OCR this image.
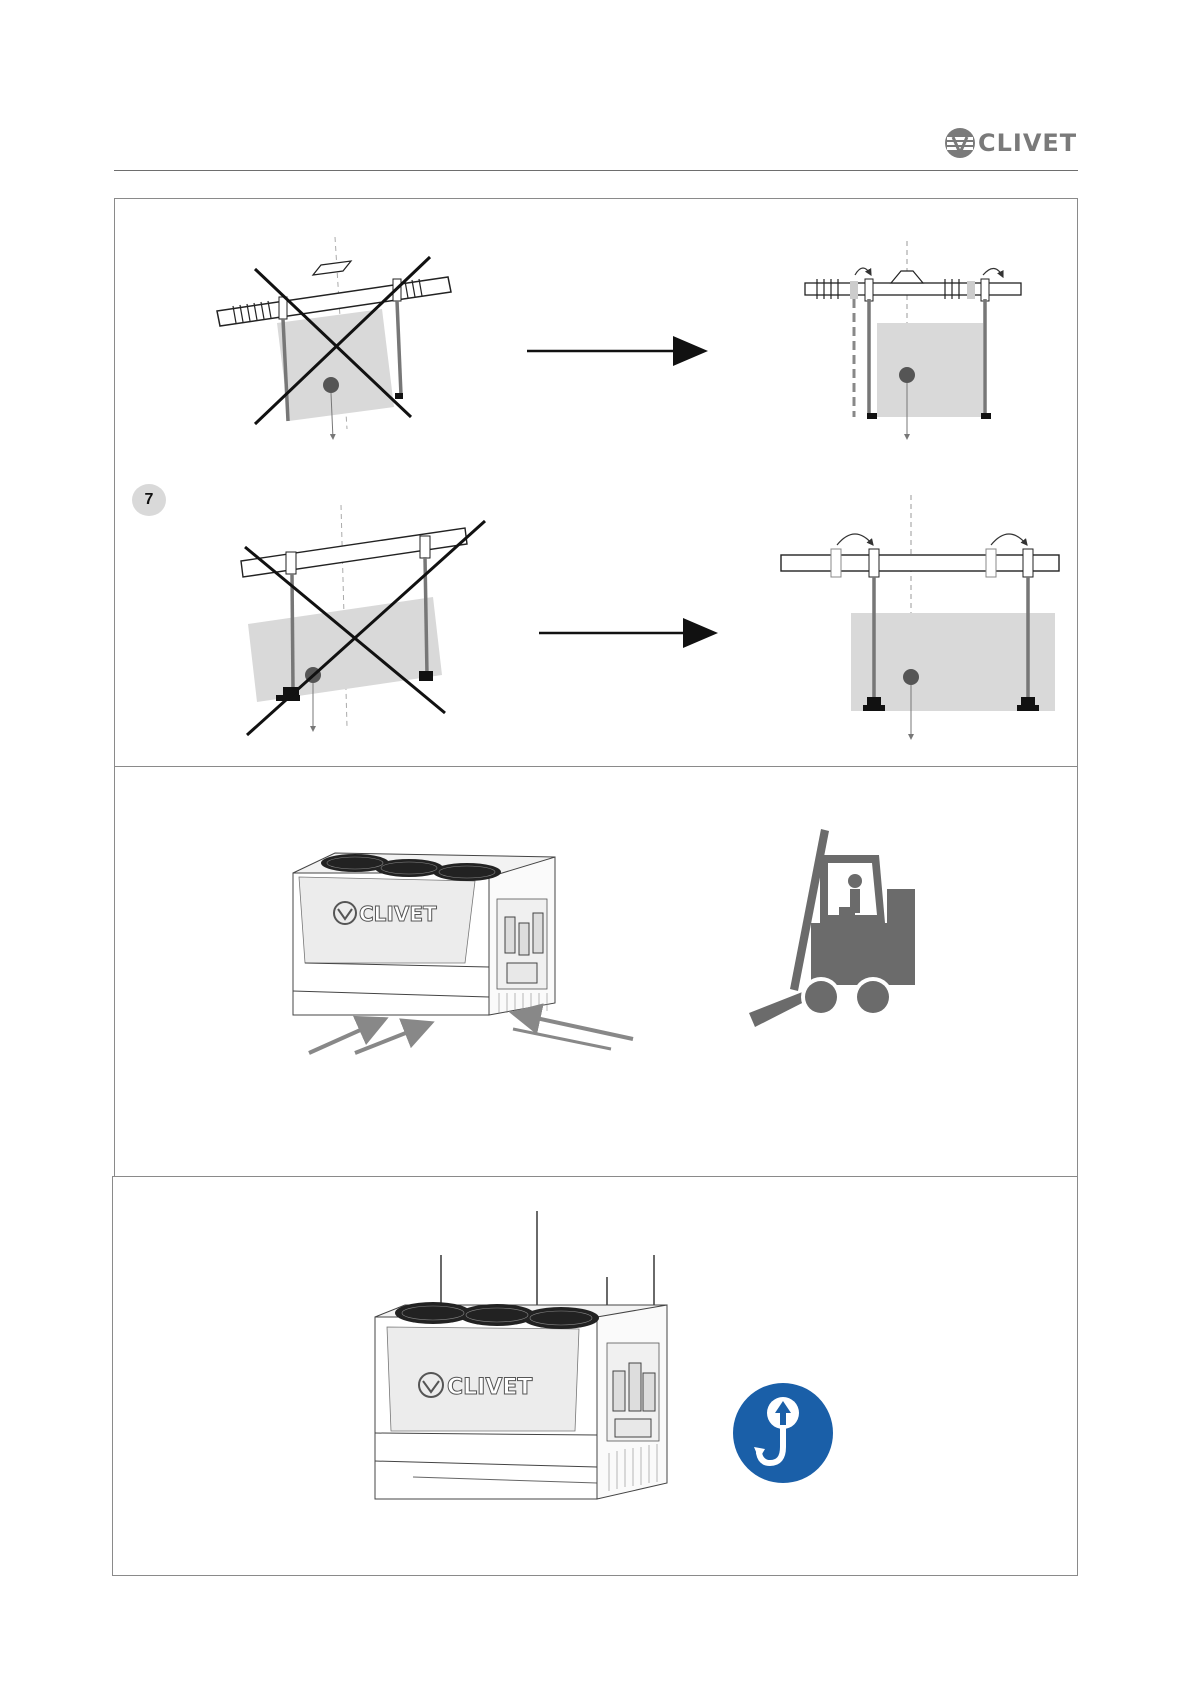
CLIVET
7
CLIVET
CLIVET
